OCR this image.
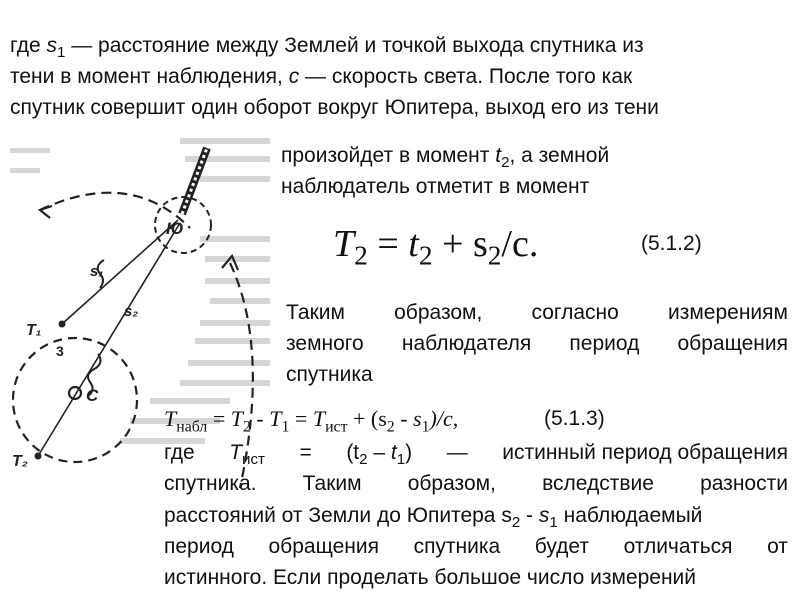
где $s_1$ — расстояние между Землей и точкой выхода спутника из
тени в момент наблюдения, c — скорость света. После того как
спутник совершит один оборот вокруг Юпитера, выход его из тени
Ю
s₁
s₂
T₁
3
C
T₂
произойдет в момент $t_2$, а земной
наблюдатель отметит в момент
$T_2 = t_2 + s_2/c$.	(5.1.2)
Таким образом, согласно измерениям
земного наблюдателя период обращения
спутника
$T_{набл} = T_2 - T_1 = T_{ист} + (s_2 - s_1)/c$,	(5.1.3)
где $T_{ист} = (t_2 - t_1)$ — истинный период обращения
спутника. Таким образом, вследствие разности
расстояний от Земли до Юпитера $s_2 - s_1$ наблюдаемый
период обращения спутника будет отличаться от
истинного. Если проделать большое число измерений
